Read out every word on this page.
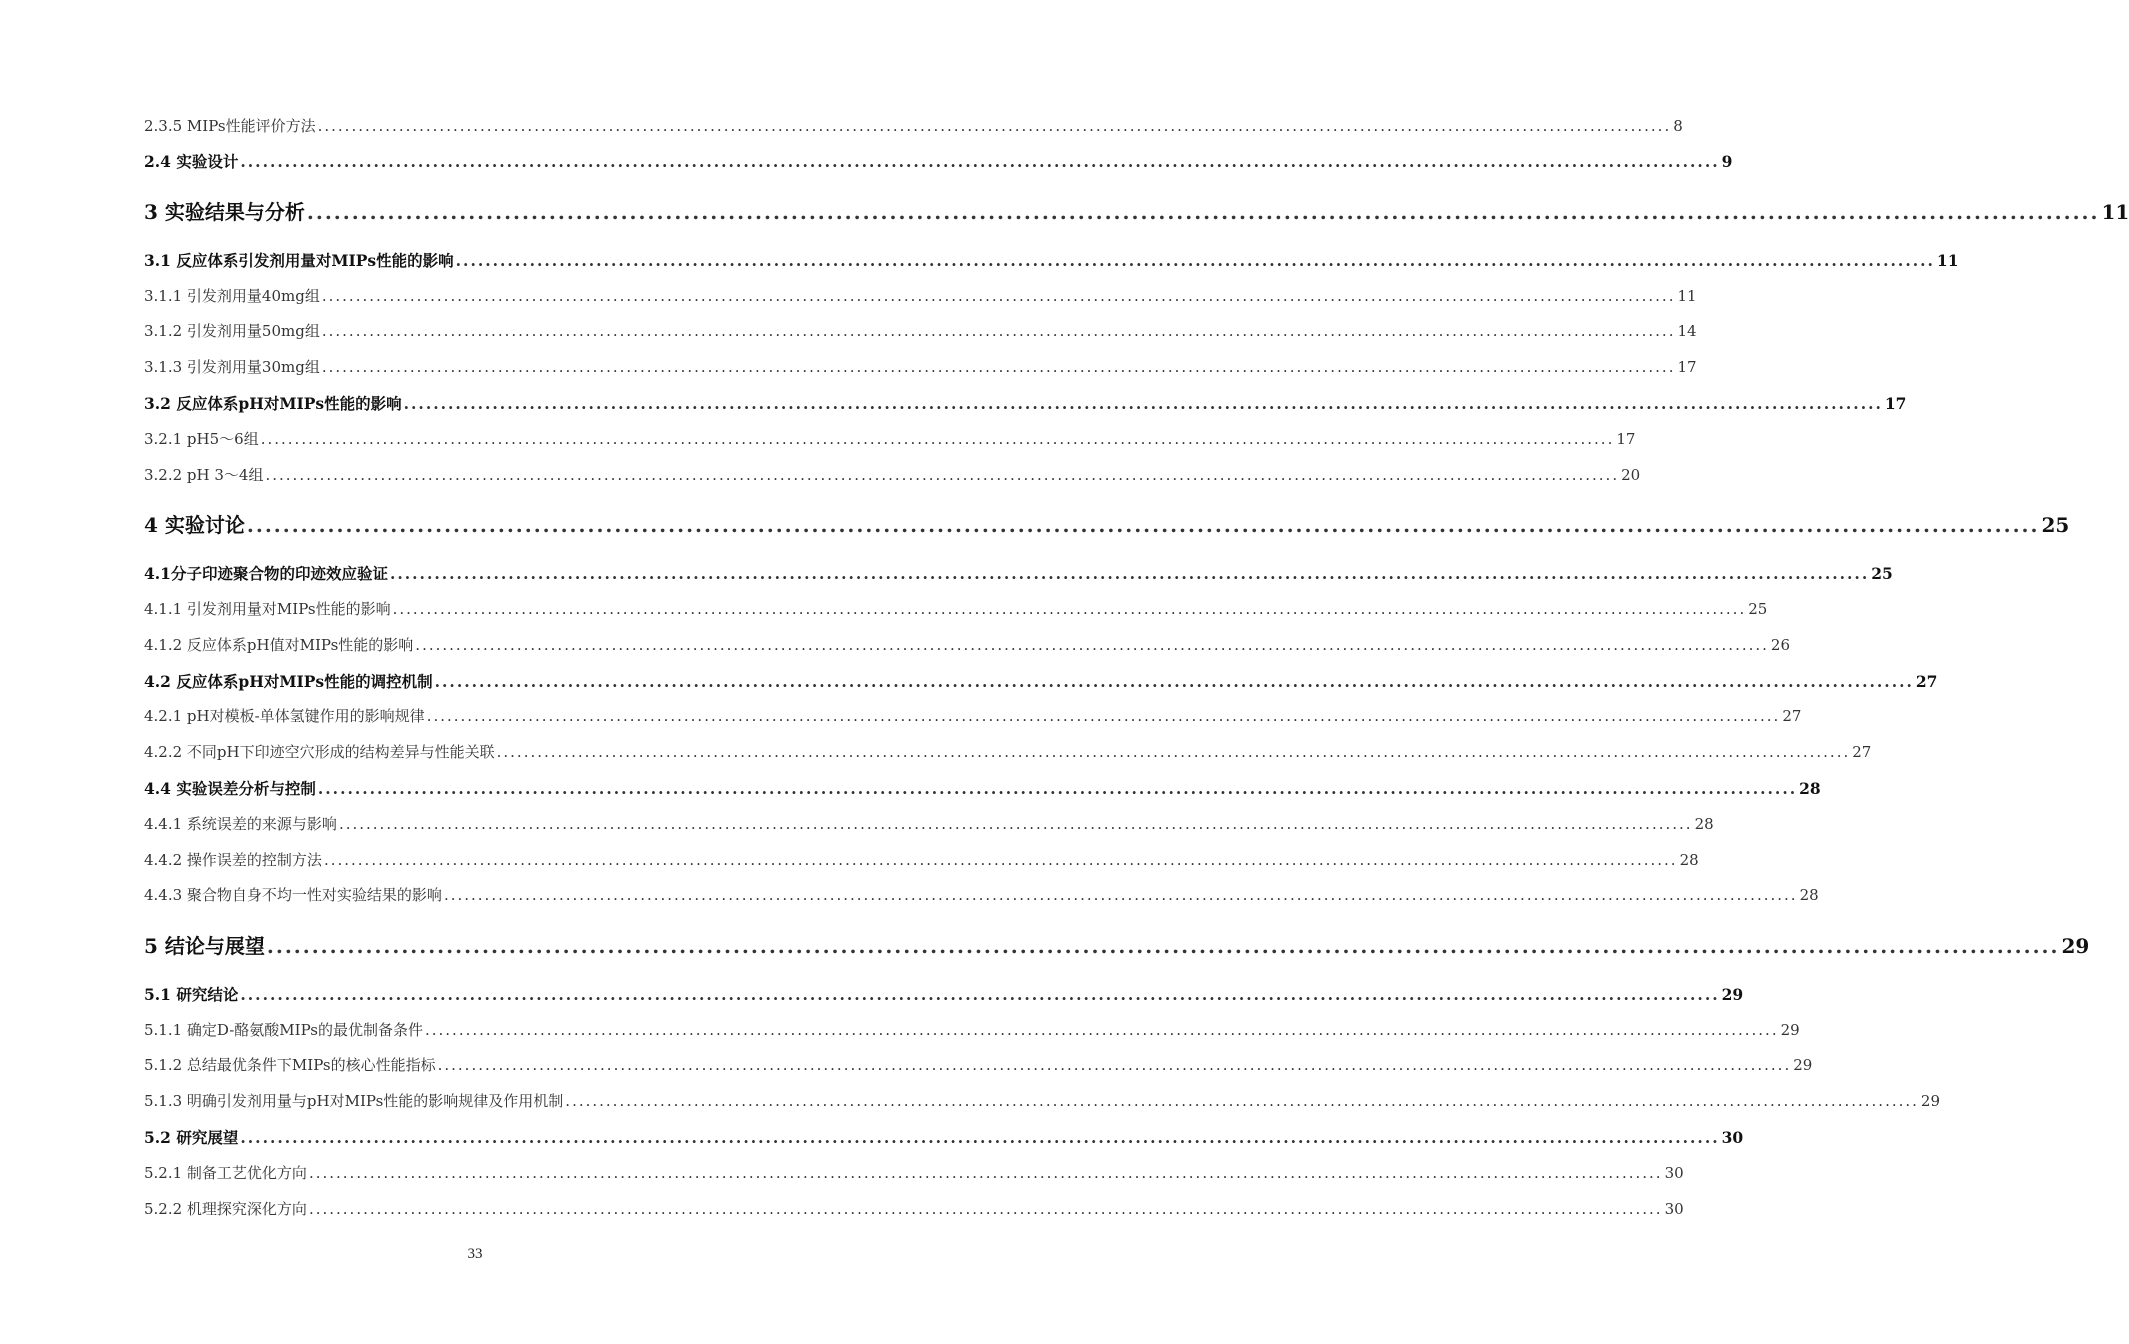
2.3.5 MIPs性能评价方法 ........................................................................................................................................................................................................ 8
2.4 实验设计 ........................................................................................................................................................................................................ 9
3 实验结果与分析 ........................................................................................................................................................................................................ 11
3.1 反应体系引发剂用量对MIPs性能的影响 ........................................................................................................................................................................................................ 11
3.1.1 引发剂用量40mg组 ........................................................................................................................................................................................................ 11
3.1.2 引发剂用量50mg组 ........................................................................................................................................................................................................ 14
3.1.3 引发剂用量30mg组 ........................................................................................................................................................................................................ 17
3.2 反应体系pH对MIPs性能的影响 ........................................................................................................................................................................................................ 17
3.2.1 pH5～6组 ........................................................................................................................................................................................................ 17
3.2.2 pH 3～4组 ........................................................................................................................................................................................................ 20
4 实验讨论 ........................................................................................................................................................................................................ 25
4.1分子印迹聚合物的印迹效应验证 ........................................................................................................................................................................................................ 25
4.1.1 引发剂用量对MIPs性能的影响 ........................................................................................................................................................................................................ 25
4.1.2 反应体系pH值对MIPs性能的影响 ........................................................................................................................................................................................................ 26
4.2 反应体系pH对MIPs性能的调控机制 ........................................................................................................................................................................................................ 27
4.2.1 pH对模板-单体氢键作用的影响规律 ........................................................................................................................................................................................................ 27
4.2.2 不同pH下印迹空穴形成的结构差异与性能关联 ........................................................................................................................................................................................................ 27
4.4 实验误差分析与控制 ........................................................................................................................................................................................................ 28
4.4.1 系统误差的来源与影响 ........................................................................................................................................................................................................ 28
4.4.2 操作误差的控制方法 ........................................................................................................................................................................................................ 28
4.4.3 聚合物自身不均一性对实验结果的影响 ........................................................................................................................................................................................................ 28
5 结论与展望 ........................................................................................................................................................................................................ 29
5.1 研究结论 ........................................................................................................................................................................................................ 29
5.1.1 确定D-酪氨酸MIPs的最优制备条件 ........................................................................................................................................................................................................ 29
5.1.2 总结最优条件下MIPs的核心性能指标 ........................................................................................................................................................................................................ 29
5.1.3 明确引发剂用量与pH对MIPs性能的影响规律及作用机制 ........................................................................................................................................................................................................ 29
5.2 研究展望 ........................................................................................................................................................................................................ 30
5.2.1 制备工艺优化方向 ........................................................................................................................................................................................................ 30
5.2.2 机理探究深化方向 ........................................................................................................................................................................................................ 30
33
